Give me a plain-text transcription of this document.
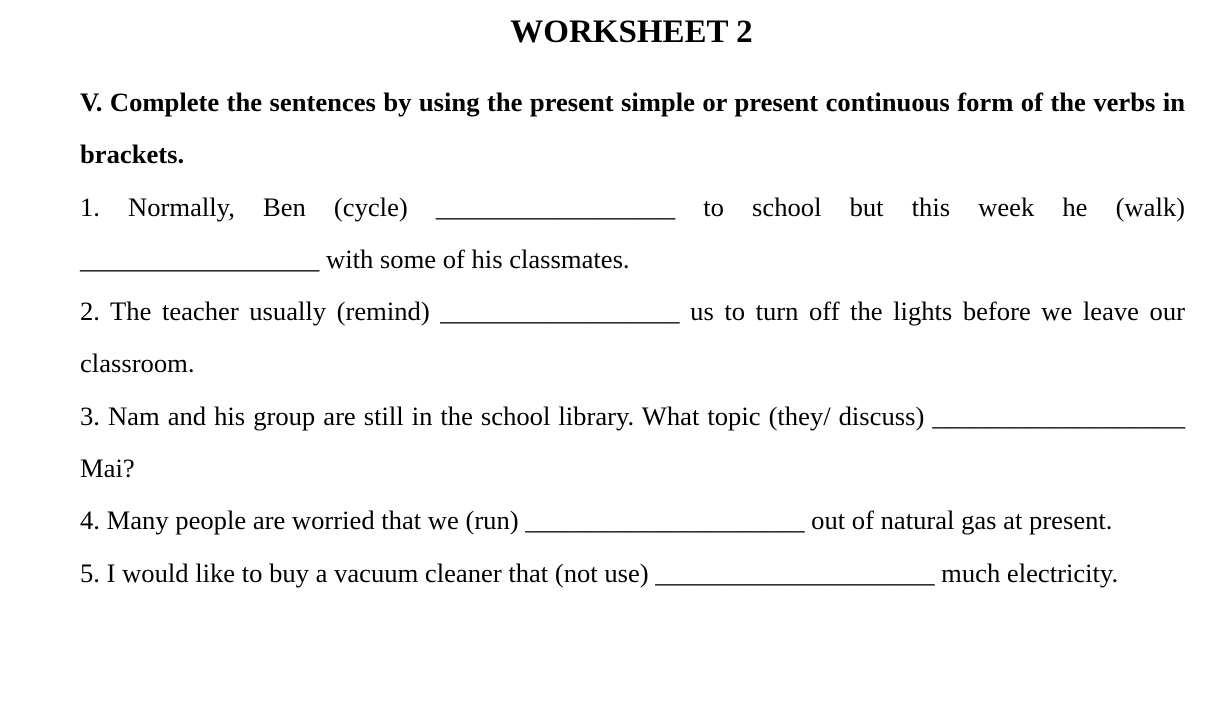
WORKSHEET 2

V. Complete the sentences by using the present simple or present continuous form of the verbs in brackets.

1. Normally, Ben (cycle) __________________ to school but this week he (walk) __________________ with some of his classmates.

2. The teacher usually (remind) __________________ us to turn off the lights before we leave our classroom.

3. Nam and his group are still in the school library. What topic (they/ discuss) ___________________ Mai?

4. Many people are worried that we (run) _____________________ out of natural gas at present.

5. I would like to buy a vacuum cleaner that (not use) _____________________ much electricity.
